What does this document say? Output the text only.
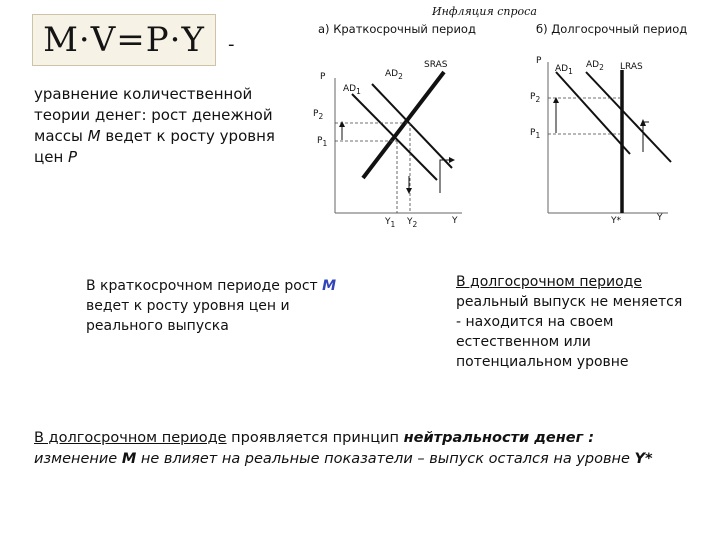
M·V=P·Y -
уравнение количественной
теории денег: рост денежной
массы M ведет к росту уровня
цен P
Инфляция спроса
а) Краткосрочный период	б) Долгосрочный период
P
$AD_1$
$AD_2$
SRAS
$P_2$
$P_1$
$Y_1$ $Y_2$	Y
P
$AD_1$
$AD_2$ LRAS
$P_2$
$P_1$
Y*	Y
В краткосрочном периоде рост M
ведет к росту уровня цен и
реального выпуска
В долгосрочном периоде
реальный выпуск не меняется
- находится на своем
естественном или
потенциальном уровне
В долгосрочном периоде проявляется принцип нейтральности денег :
изменение М не влияет на реальные показатели – выпуск остался на уровне Y*
